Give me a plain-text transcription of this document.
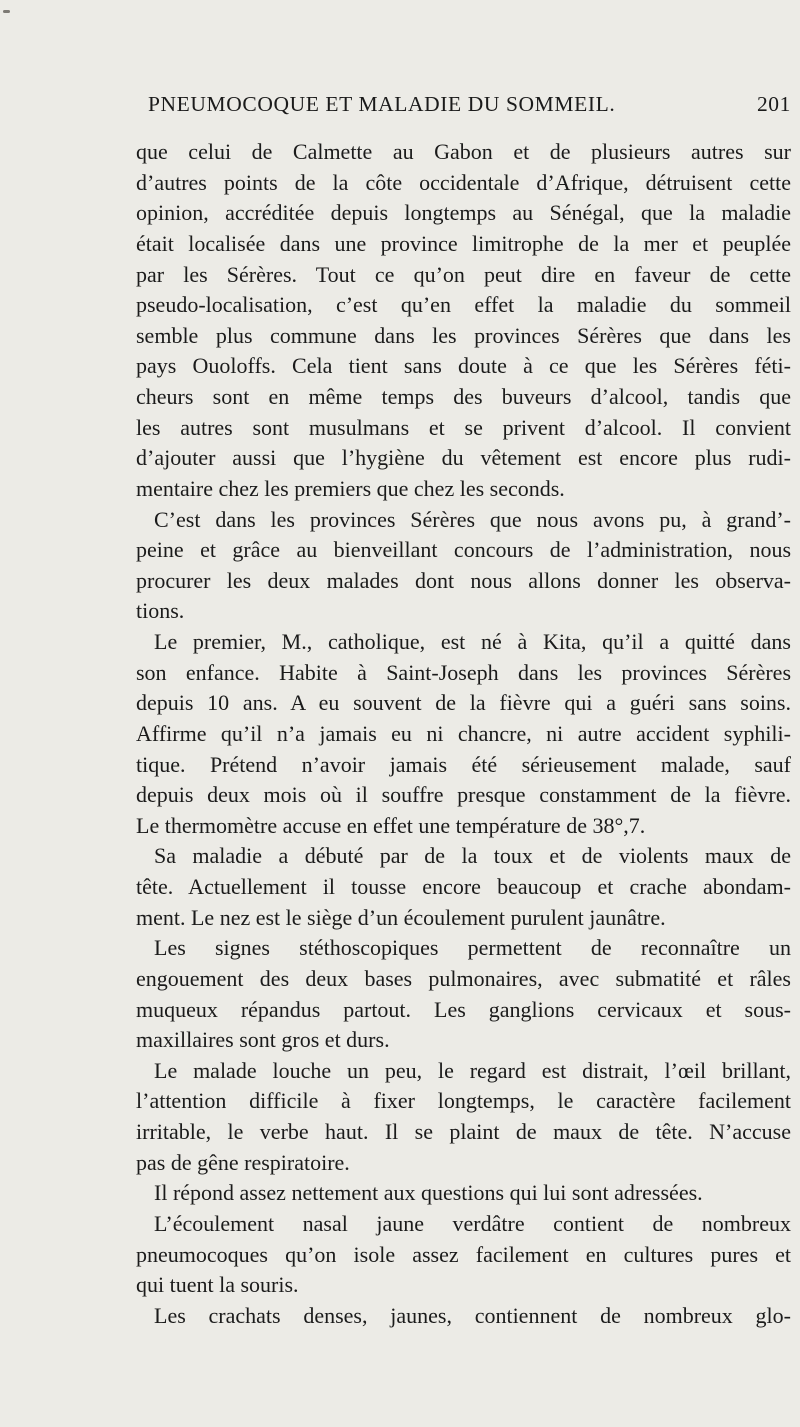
PNEUMOCOQUE ET MALADIE DU SOMMEIL.	201
que celui de Calmette au Gabon et de plusieurs autres sur
d’autres points de la côte occidentale d’Afrique, détruisent cette
opinion, accréditée depuis longtemps au Sénégal, que la maladie
était localisée dans une province limitrophe de la mer et peuplée
par les Sérères. Tout ce qu’on peut dire en faveur de cette
pseudo-localisation, c’est qu’en effet la maladie du sommeil
semble plus commune dans les provinces Sérères que dans les
pays Ouoloffs. Cela tient sans doute à ce que les Sérères féti-
cheurs sont en même temps des buveurs d’alcool, tandis que
les autres sont musulmans et se privent d’alcool. Il convient
d’ajouter aussi que l’hygiène du vêtement est encore plus rudi-
mentaire chez les premiers que chez les seconds.
C’est dans les provinces Sérères que nous avons pu, à grand’-
peine et grâce au bienveillant concours de l’administration, nous
procurer les deux malades dont nous allons donner les observa-
tions.
Le premier, M., catholique, est né à Kita, qu’il a quitté dans
son enfance. Habite à Saint-Joseph dans les provinces Sérères
depuis 10 ans. A eu souvent de la fièvre qui a guéri sans soins.
Affirme qu’il n’a jamais eu ni chancre, ni autre accident syphili-
tique. Prétend n’avoir jamais été sérieusement malade, sauf
depuis deux mois où il souffre presque constamment de la fièvre.
Le thermomètre accuse en effet une température de 38°,7.
Sa maladie a débuté par de la toux et de violents maux de
tête. Actuellement il tousse encore beaucoup et crache abondam-
ment. Le nez est le siège d’un écoulement purulent jaunâtre.
Les signes stéthoscopiques permettent de reconnaître un
engouement des deux bases pulmonaires, avec submatité et râles
muqueux répandus partout. Les ganglions cervicaux et sous-
maxillaires sont gros et durs.
Le malade louche un peu, le regard est distrait, l’œil brillant,
l’attention difficile à fixer longtemps, le caractère facilement
irritable, le verbe haut. Il se plaint de maux de tête. N’accuse
pas de gêne respiratoire.
Il répond assez nettement aux questions qui lui sont adressées.
L’écoulement nasal jaune verdâtre contient de nombreux
pneumocoques qu’on isole assez facilement en cultures pures et
qui tuent la souris.
Les crachats denses, jaunes, contiennent de nombreux glo-
